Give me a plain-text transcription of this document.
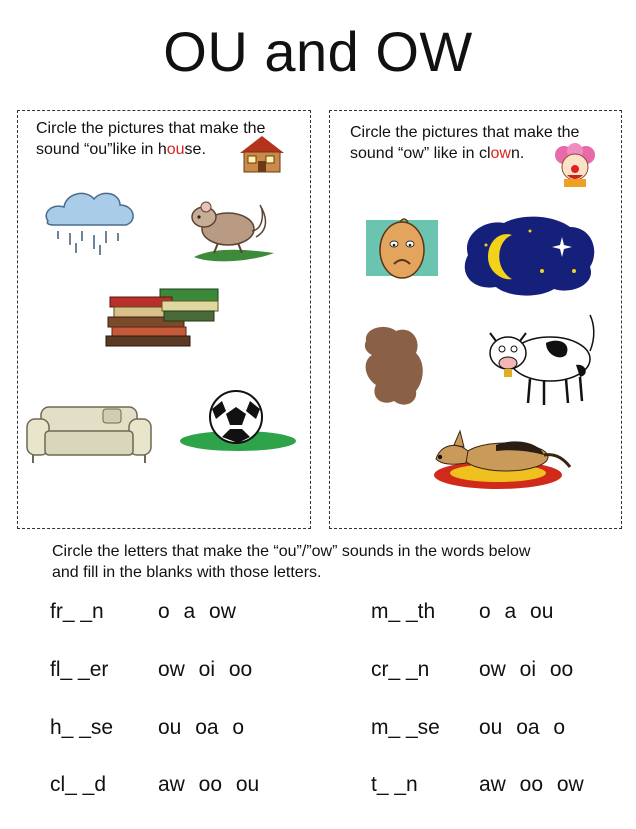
OU and OW
Circle the pictures that make the
sound “ou”like in house.
Circle the pictures that make the
sound “ow” like in clown.
Circle the letters that make the “ou”/”ow” sounds in the words below
and fill in the blanks with those letters.
fr_ _n	o a ow
fl_ _er ow oi oo
h_ _se ou oa o
cl_ _d aw oo ou
m_ _th o a ou
cr_ _n ow oi oo
m_ _se ou oa o
t_ _n	aw oo ow
